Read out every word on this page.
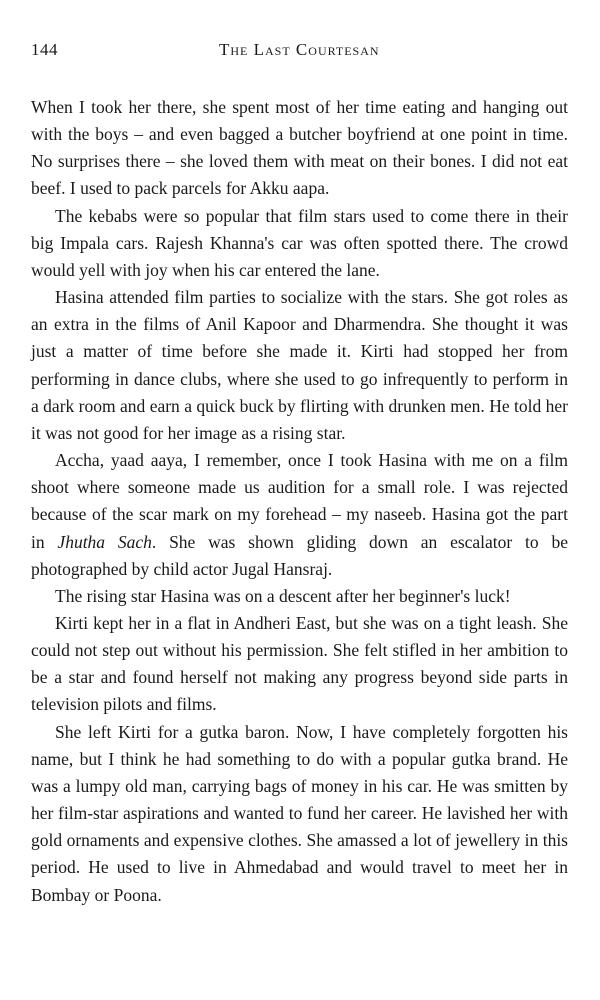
144	The Last Courtesan

When I took her there, she spent most of her time eating and hanging out with the boys – and even bagged a butcher boyfriend at one point in time. No surprises there – she loved them with meat on their bones. I did not eat beef. I used to pack parcels for Akku aapa.

The kebabs were so popular that film stars used to come there in their big Impala cars. Rajesh Khanna's car was often spotted there. The crowd would yell with joy when his car entered the lane.

Hasina attended film parties to socialize with the stars. She got roles as an extra in the films of Anil Kapoor and Dharmendra. She thought it was just a matter of time before she made it. Kirti had stopped her from performing in dance clubs, where she used to go infrequently to perform in a dark room and earn a quick buck by flirting with drunken men. He told her it was not good for her image as a rising star.

Accha, yaad aaya, I remember, once I took Hasina with me on a film shoot where someone made us audition for a small role. I was rejected because of the scar mark on my forehead – my naseeb. Hasina got the part in Jhutha Sach. She was shown gliding down an escalator to be photographed by child actor Jugal Hansraj.

The rising star Hasina was on a descent after her beginner's luck!

Kirti kept her in a flat in Andheri East, but she was on a tight leash. She could not step out without his permission. She felt stifled in her ambition to be a star and found herself not making any progress beyond side parts in television pilots and films.

She left Kirti for a gutka baron. Now, I have completely forgotten his name, but I think he had something to do with a popular gutka brand. He was a lumpy old man, carrying bags of money in his car. He was smitten by her film-star aspirations and wanted to fund her career. He lavished her with gold ornaments and expensive clothes. She amassed a lot of jewellery in this period. He used to live in Ahmedabad and would travel to meet her in Bombay or Poona.
